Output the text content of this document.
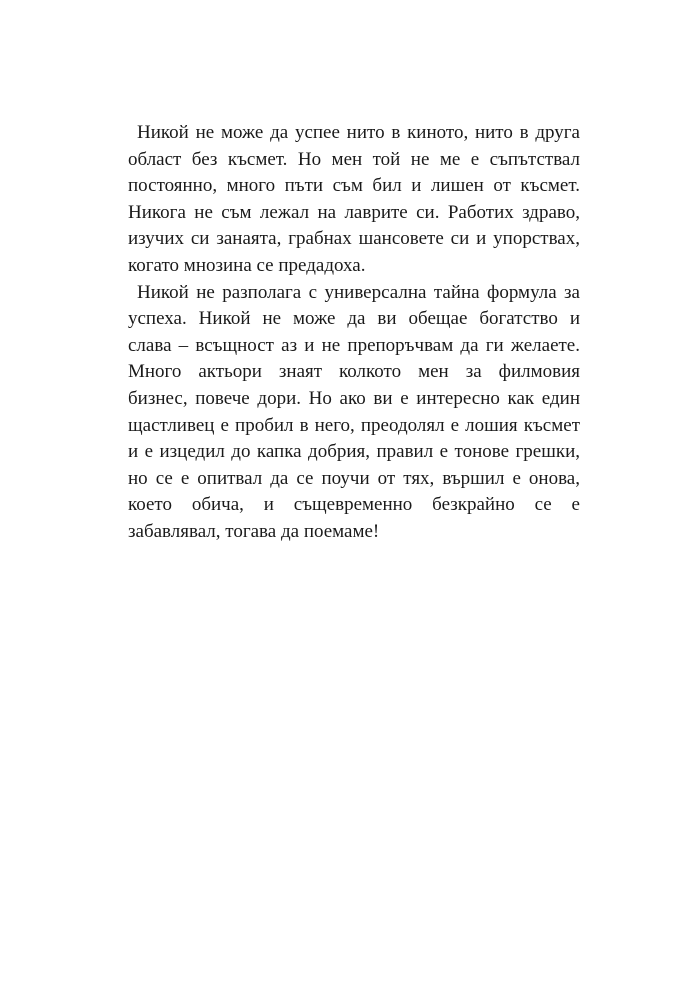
Никой не може да успее нито в киното, нито в друга
област без късмет. Но мен той не ме е съпътствал
постоянно, много пъти съм бил и лишен от късмет.
Никога не съм лежал на лаврите си. Работих здраво,
изучих си занаята, грабнах шансовете си и упорствах,
когато мнозина се предадоха.

Никой не разполага с универсална тайна формула за
успеха. Никой не може да ви обещае богатство и
слава – всъщност аз и не препоръчвам да ги желаете.
Много актьори знаят колкото мен за филмовия
бизнес, повече дори. Но ако ви е интересно как един
щастливец е пробил в него, преодолял е лошия късмет
и е изцедил до капка добрия, правил е тонове грешки,
но се е опитвал да се поучи от тях, вършил е онова,
което обича, и същевременно безкрайно се е
забавлявал, тогава да поемаме!
